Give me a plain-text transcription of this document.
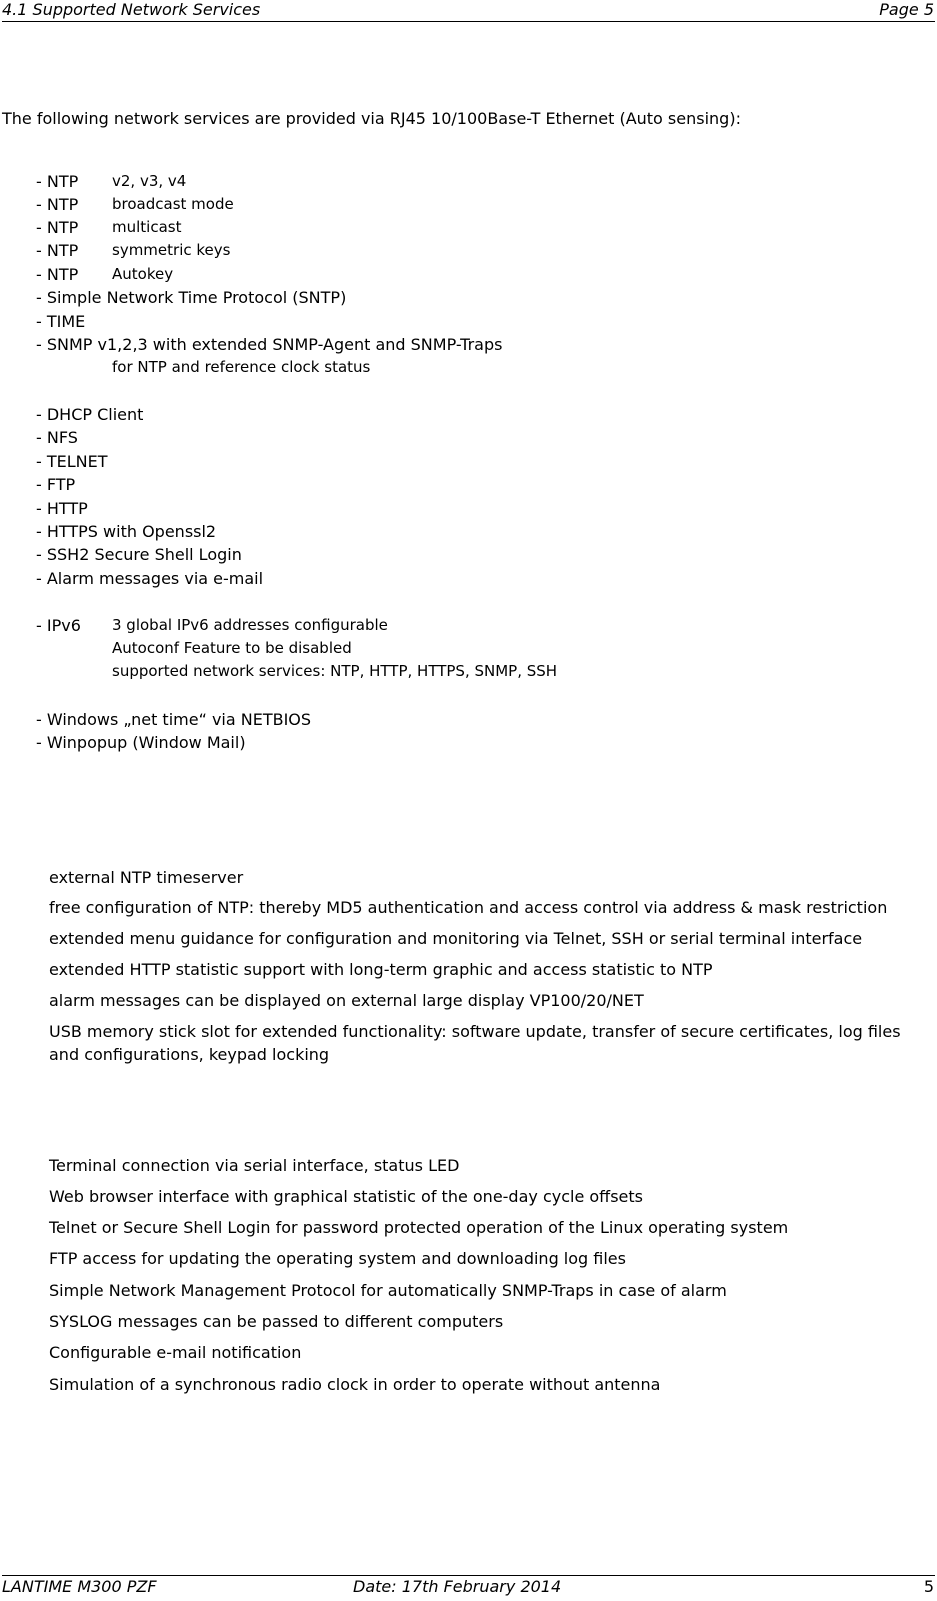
4.1 Supported Network Services	Page 5
The following network services are provided via RJ45 10/100Base-T Ethernet (Auto sensing):
- NTP v2, v3, v4
- NTP broadcast mode
- NTP multicast
- NTP symmetric keys
- NTP Autokey
- Simple Network Time Protocol (SNTP)
- TIME
- SNMP v1,2,3 with extended SNMP-Agent and SNMP-Traps
for NTP and reference clock status
- DHCP Client
- NFS
- TELNET
- FTP
- HTTP
- HTTPS with Openssl2
- SSH2 Secure Shell Login
- Alarm messages via e-mail
- IPv6 3 global IPv6 addresses configurable
Autoconf Feature to be disabled
supported network services: NTP, HTTP, HTTPS, SNMP, SSH
- Windows „net time“ via NETBIOS
- Winpopup (Window Mail)
external NTP timeserver
free configuration of NTP: thereby MD5 authentication and access control via address & mask restriction
extended menu guidance for configuration and monitoring via Telnet, SSH or serial terminal interface
extended HTTP statistic support with long-term graphic and access statistic to NTP
alarm messages can be displayed on external large display VP100/20/NET
USB memory stick slot for extended functionality: software update, transfer of secure certificates, log files
and configurations, keypad locking
Terminal connection via serial interface, status LED
Web browser interface with graphical statistic of the one-day cycle offsets
Telnet or Secure Shell Login for password protected operation of the Linux operating system
FTP access for updating the operating system and downloading log files
Simple Network Management Protocol for automatically SNMP-Traps in case of alarm
SYSLOG messages can be passed to different computers
Configurable e-mail notification
Simulation of a synchronous radio clock in order to operate without antenna
LANTIME M300 PZF	Date: 17th February 2014	5
